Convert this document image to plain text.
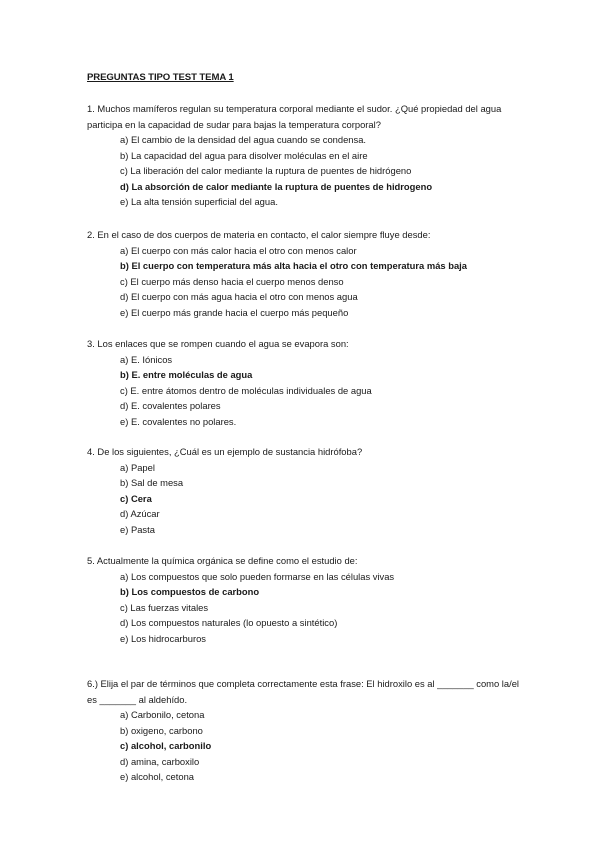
PREGUNTAS TIPO TEST TEMA 1

1. Muchos mamíferos regulan su temperatura corporal mediante el sudor. ¿Qué propiedad del agua participa en la capacidad de sudar para bajas la temperatura corporal?

a) El cambio de la densidad del agua cuando se condensa.
b) La capacidad del agua para disolver moléculas en el aire
c) La liberación del calor mediante la ruptura de puentes de hidrógeno
d) La absorción de calor mediante la ruptura de puentes de hidrogeno
e) La alta tensión superficial del agua.

2. En el caso de dos cuerpos de materia en contacto, el calor siempre fluye desde:

a) El cuerpo con más calor hacia el otro con menos calor
b) El cuerpo con temperatura más alta hacia el otro con temperatura más baja
c) El cuerpo más denso hacia el cuerpo menos denso
d) El cuerpo con más agua hacia el otro con menos agua
e) El cuerpo más grande hacia el cuerpo más pequeño

3. Los enlaces que se rompen cuando el agua se evapora son:

a) E. Iónicos
b) E. entre moléculas de agua
c) E. entre átomos dentro de moléculas individuales de agua
d) E. covalentes polares
e) E. covalentes no polares.

4. De los siguientes, ¿Cuál es un ejemplo de sustancia hidrófoba?

a) Papel
b) Sal de mesa
c) Cera
d) Azúcar
e) Pasta

5. Actualmente la química orgánica se define como el estudio de:

a) Los compuestos que solo pueden formarse en las células vivas
b) Los compuestos de carbono
c) Las fuerzas vitales
d) Los compuestos naturales (lo opuesto a sintético)
e) Los hidrocarburos

6.) Elija el par de términos que completa correctamente esta frase: El hidroxilo es al _______ como la/el es _______ al aldehído.

a) Carbonilo, cetona
b) oxigeno, carbono
c) alcohol, carbonilo
d) amina, carboxilo
e) alcohol, cetona
